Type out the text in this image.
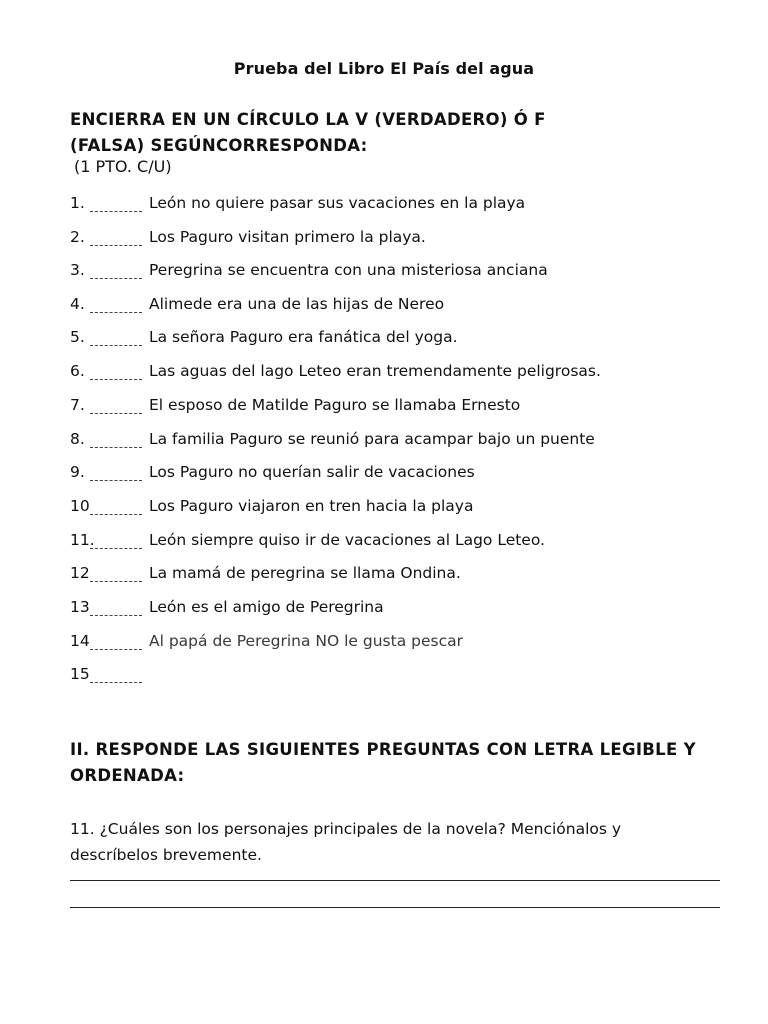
Prueba del Libro El País del agua
ENCIERRA EN UN CÍRCULO LA V (VERDADERO) Ó F
(FALSA) SEGÚNCORRESPONDA:
(1 PTO. C/U)
1.	León no quiere pasar sus vacaciones en la playa
2.	Los Paguro visitan primero la playa.
3.	Peregrina se encuentra con una misteriosa anciana
4.	Alimede era una de las hijas de Nereo
5.	La señora Paguro era fanática del yoga.
6.	Las aguas del lago Leteo eran tremendamente peligrosas.
7.	El esposo de Matilde Paguro se llamaba Ernesto
8.	La familia Paguro se reunió para acampar bajo un puente
9.	Los Paguro no querían salir de vacaciones
10	Los Paguro viajaron en tren hacia la playa
11.	León siempre quiso ir de vacaciones al Lago Leteo.
12	La mamá de peregrina se llama Ondina.
13	León es el amigo de Peregrina
14	Al papá de Peregrina NO le gusta pescar
15
II. RESPONDE LAS SIGUIENTES PREGUNTAS CON LETRA LEGIBLE Y
ORDENADA:
11. ¿Cuáles son los personajes principales de la novela? Menciónalos y
descríbelos brevemente.
